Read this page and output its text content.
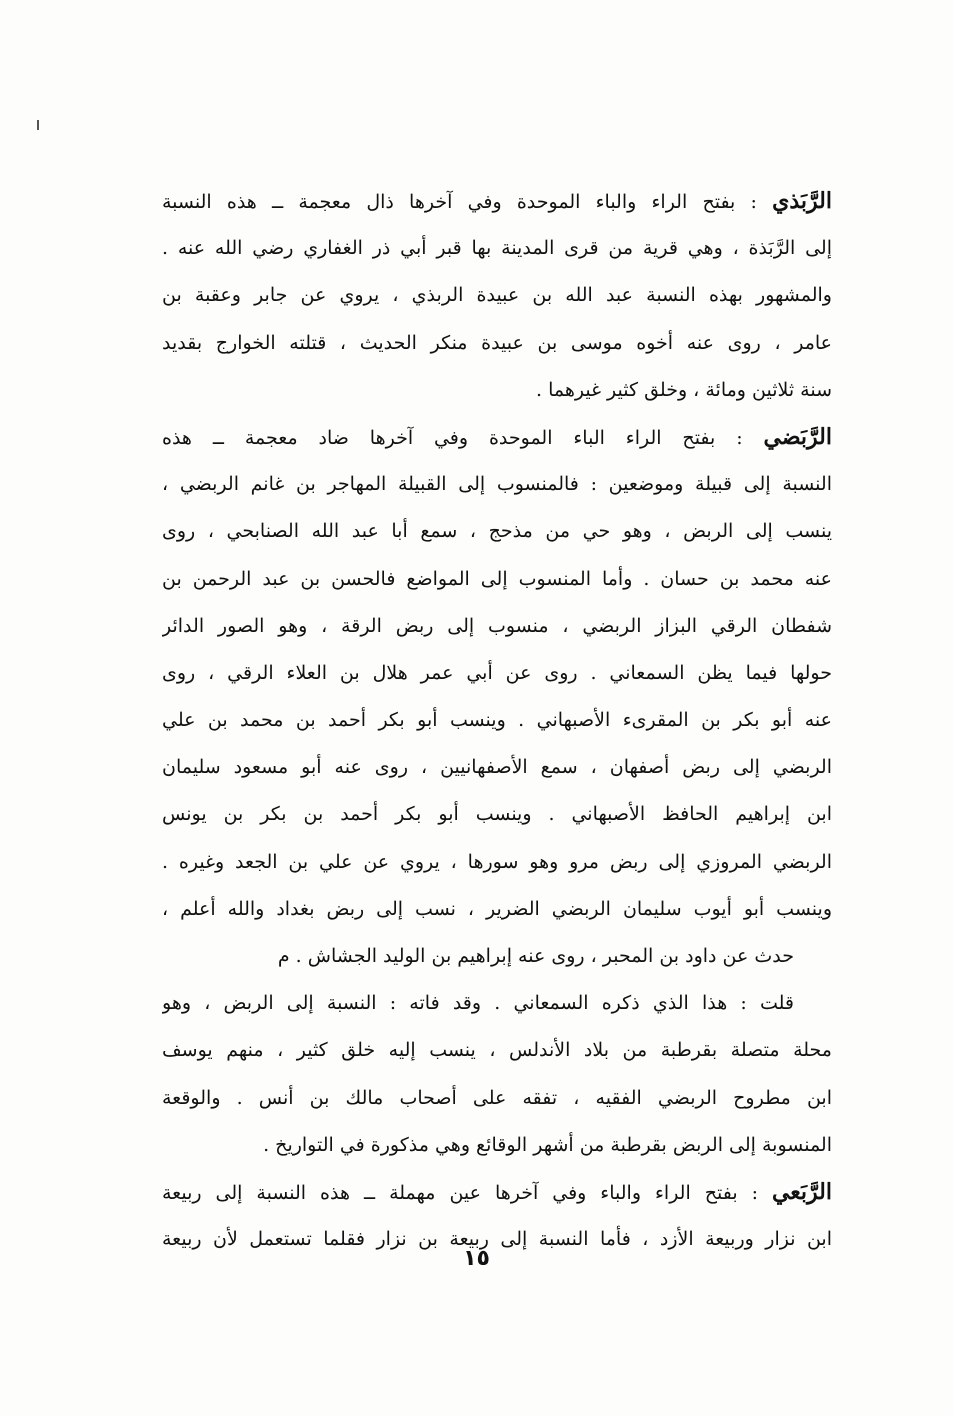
الرَّبَذي : بفتح الراء والباء الموحدة وفي آخرها ذال معجمة ــ هذه النسبة
إلى الرَّبَذة ، وهي قرية من قرى المدينة بها قبر أبي ذر الغفاري رضي الله عنه .
والمشهور بهذه النسبة عبد الله بن عبيدة الربذي ، يروي عن جابر وعقبة بن
عامر ، روى عنه أخوه موسى بن عبيدة منكر الحديث ، قتلته الخوارج بقديد
سنة ثلاثين ومائة ، وخلق كثير غيرهما .
الرَّبَضي : بفتح الراء الباء الموحدة وفي آخرها ضاد معجمة ــ هذه
النسبة إلى قبيلة وموضعين : فالمنسوب إلى القبيلة المهاجر بن غانم الربضي ،
ينسب إلى الربض ، وهو حي من مذحج ، سمع أبا عبد الله الصنابحي ، روى
عنه محمد بن حسان . وأما المنسوب إلى المواضع فالحسن بن عبد الرحمن بن
شفطان الرقي البزاز الربضي ، منسوب إلى ربض الرقة ، وهو الصور الدائر
حولها فيما يظن السمعاني . روى عن أبي عمر هلال بن العلاء الرقي ، روى
عنه أبو بكر بن المقرىء الأصبهاني . وينسب أبو بكر أحمد بن محمد بن علي
الربضي إلى ربض أصفهان ، سمع الأصفهانيين ، روى عنه أبو مسعود سليمان
ابن إبراهيم الحافظ الأصبهاني . وينسب أبو بكر أحمد بن بكر بن يونس
الربضي المروزي إلى ربض مرو وهو سورها ، يروي عن علي بن الجعد وغيره .
وينسب أبو أيوب سليمان الربضي الضرير ، نسب إلى ربض بغداد والله أعلم ،
حدث عن داود بن المحبر ، روى عنه إبراهيم بن الوليد الجشاش . م
قلت : هذا الذي ذكره السمعاني . وقد فاته : النسبة إلى الربض ، وهو
محلة متصلة بقرطبة من بلاد الأندلس ، ينسب إليه خلق كثير ، منهم يوسف
ابن مطروح الربضي الفقيه ، تفقه على أصحاب مالك بن أنس . والوقعة
المنسوبة إلى الربض بقرطبة من أشهر الوقائع وهي مذكورة في التواريخ .
الرَّبَعي : بفتح الراء والباء وفي آخرها عين مهملة ــ هذه النسبة إلى ربيعة
ابن نزار وربيعة الأزد ، فأما النسبة إلى ربيعة بن نزار فقلما تستعمل لأن ربيعة
١٥
